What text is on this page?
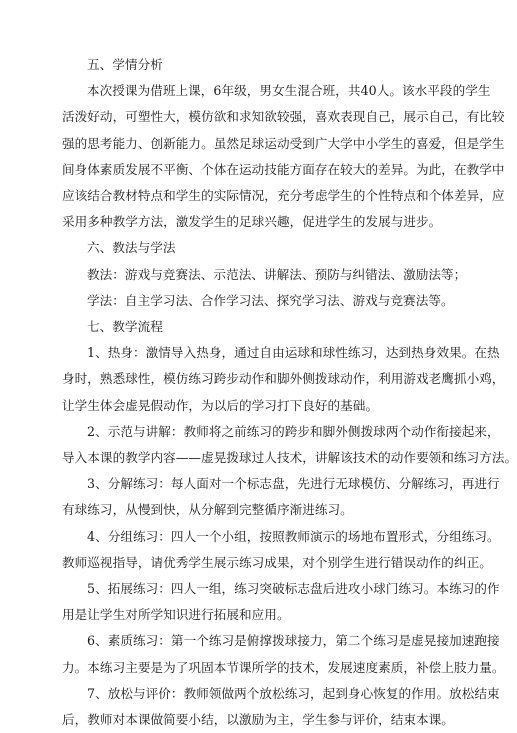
五、学情分析

本次授课为借班上课，6年级，男女生混合班，共40人。该水平段的学生

活泼好动，可塑性大，模仿欲和求知欲较强，喜欢表现自己，展示自己，有比较

强的思考能力、创新能力。虽然足球运动受到广大学中小学生的喜爱，但是学生

间身体素质发展不平衡、个体在运动技能方面存在较大的差异。为此，在教学中

应该结合教材特点和学生的实际情况，充分考虑学生的个性特点和个体差异，应

采用多种教学方法，激发学生的足球兴趣，促进学生的发展与进步。

六、教法与学法

教法：游戏与竞赛法、示范法、讲解法、预防与纠错法、激励法等；

学法：自主学习法、合作学习法、探究学习法、游戏与竞赛法等。

七、教学流程

1、热身：激情导入热身，通过自由运球和球性练习，达到热身效果。在热

身时，熟悉球性，模仿练习跨步动作和脚外侧拨球动作，利用游戏老鹰抓小鸡，

让学生体会虚晃假动作，为以后的学习打下良好的基础。

2、示范与讲解：教师将之前练习的跨步和脚外侧拨球两个动作衔接起来，

导入本课的教学内容——虚晃拨球过人技术，讲解该技术的动作要领和练习方法。

3、分解练习：每人面对一个标志盘，先进行无球模仿、分解练习，再进行

有球练习，从慢到快，从分解到完整循序渐进练习。

4、分组练习：四人一个小组，按照教师演示的场地布置形式，分组练习。

教师巡视指导，请优秀学生展示练习成果，对个别学生进行错误动作的纠正。

5、拓展练习：四人一组，练习突破标志盘后进攻小球门练习。本练习的作

用是让学生对所学知识进行拓展和应用。

6、素质练习：第一个练习是俯撑拨球接力，第二个练习是虚晃接加速跑接

力。本练习主要是为了巩固本节课所学的技术，发展速度素质，补偿上肢力量。

7、放松与评价：教师领做两个放松练习，起到身心恢复的作用。放松结束

后，教师对本课做简要小结，以激励为主，学生参与评价，结束本课。
